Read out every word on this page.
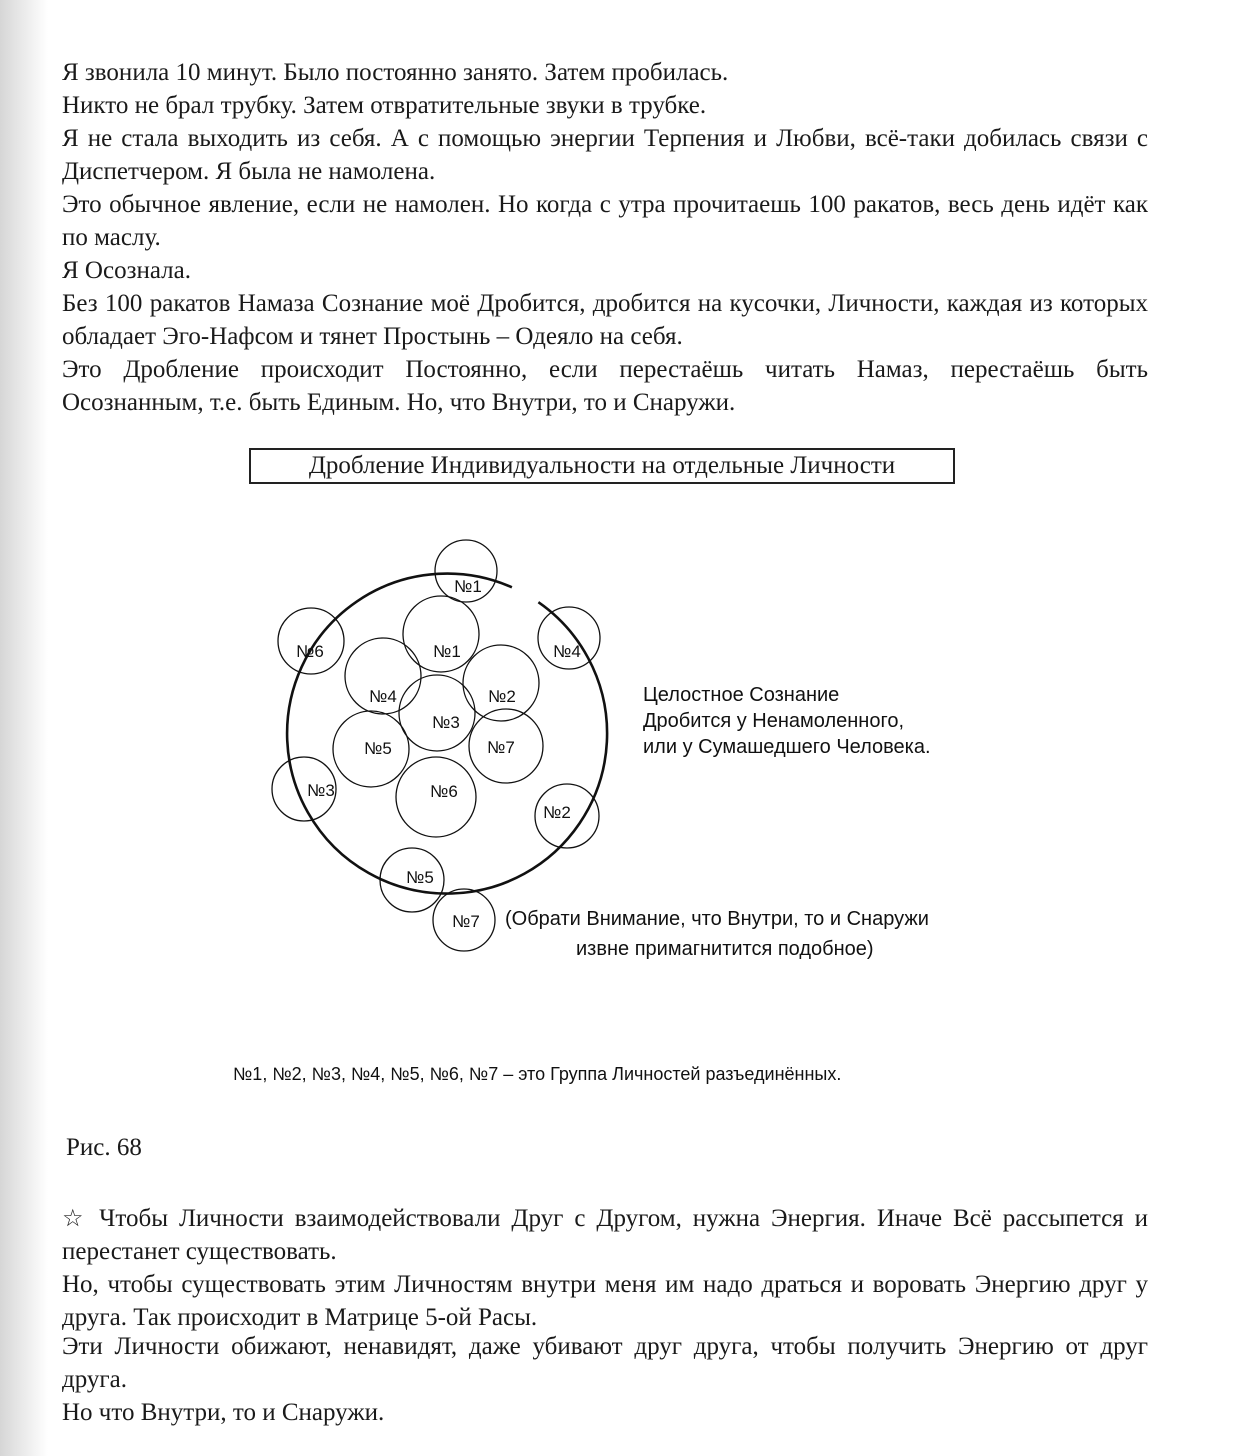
Я звонила 10 минут. Было постоянно занято. Затем пробилась.

Никто не брал трубку. Затем отвратительные звуки в трубке.

Я не стала выходить из себя. А с помощью энергии Терпения и Любви, всё-таки добилась связи с Диспетчером. Я была не намолена.

Это обычное явление, если не намолен. Но когда с утра прочитаешь 100 ракатов, весь день идёт как по маслу.

Я Осознала.

Без 100 ракатов Намаза Сознание моё Дробится, дробится на кусочки, Личности, каждая из которых обладает Эго-Нафсом и тянет Простынь – Одеяло на себя.

Это Дробление происходит Постоянно, если перестаёшь читать Намаз, перестаёшь быть Осознанным, т.е. быть Единым. Но, что Внутри, то и Снаружи.

Дробление Индивидуальности на отдельные Личности
№1
№2
№3
№4
№5
№6
№7
№1
№2
№3
№4
№5
№6
№7
Целостное Сознание
Дробится у Ненамоленного,
или у Сумашедшего Человека.
(Обрати Внимание, что Внутри, то и Снаружи
извне примагнитится подобное)
№1, №2, №3, №4, №5, №6, №7 – это Группа Личностей разъединённых.

Рис. 68

☆ Чтобы Личности взаимодействовали Друг с Другом, нужна Энергия. Иначе Всё рассыпется и перестанет существовать.

Но, чтобы существовать этим Личностям внутри меня им надо драться и воровать Энергию друг у друга. Так происходит в Матрице 5-ой Расы.

Эти Личности обижают, ненавидят, даже убивают друг друга, чтобы получить Энергию от друг друга.

Но что Внутри, то и Снаружи.
